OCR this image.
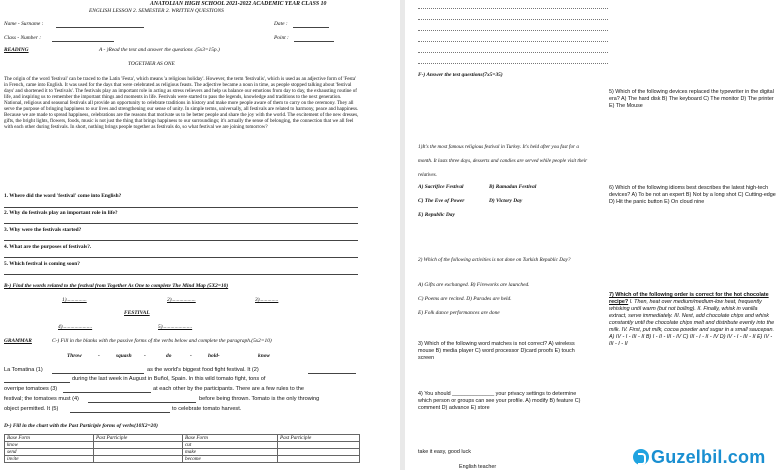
ANATOLIAN HIGH SCHOOL 2021-2022 ACADEMIC YEAR CLASS 10
ENGLISH LESSON 2. SEMESTER 2. WRITTEN QUESTIONS
Name - Surname :	Date :
Class - Number :	Point :
READING	A - )Read the text and answer the questions .(5x3=15p.)
TOGETHER AS ONE
The origin of the word 'festival' can be traced to the Latin 'Festa', which means 'a religious holiday'. However, the term 'festivalis', which is used as an adjective form of 'Festa' in French, came into English. It was used for the days that were celebrated as religious feasts. The adjective became a noun in time, as people stopped talking about 'festival days' and shortened it to 'festivals'. The festivals play an important role in acting as stress relievers and help us balance our emotions from day to day, the exhausting routine of life, and inspiring us to remember the important things and moments in life. Festivals were started to pass the legends, knowledge and traditions to the next generation. National, religious and seasonal festivals all provide an opportunity to celebrate traditions in history and make more people aware of them to carry on the ceremony. They all serve the purpose of bringing happiness to our lives and strengthening our sense of unity. In simple terms, universally, all festivals are related to harmony, peace and happiness. Because we are made to spread happiness, celebrations are the reasons that motivate us to be better people and share the joy with the world. The excitement of the new dresses, gifts, the bright lights, flowers, foods, music is not just the thing that brings happiness to our surroundings; it's actually the sense of belonging, the connection that we all feel with each other during festivals. In short, nothing brings people together as festivals do, so what festival we are joining tomorrow?
1. Where did the word 'festival' come into English?
2. Why do festivals play an important role in life?
3. Why were the festivals started?
4. What are the purposes of festivals?.
5. Which festival is coming soon?
B-) Find the words related to the festival from Together As One to complete The Mind Map (5X2=10)
1)...............	2)..................	3)..............
FESTIVAL
4)......................	5)......................
GRAMMAR	C-) Fill in the blanks with the passive forms of the verbs below and complete the paragraph.(5x2=10)
Throw	-	squash -	do	-	hold-	know
La Tomatina (1)	as the world's biggest food fight festival. It (2)
during the last week in August in Buñol, Spain. In this wild tomato fight, tons of
overripe tomatoes (3)	at each other by the participants. There are a few rules to the
festival; the tomatoes must (4)	before being thrown. Tomato is the only throwing
object permitted. It (5)	to celebrate tomato harvest.
D-) Fill in the chart with the Past Participle forms of verbs(10X2=20)
Base Form	Past Participle	Base Form	Past Participle
know		cut	
send		make	
invite		become	
F-) Answer the test questions(7x5=35)
1)It's the most famous religious festival in Turkey. It's held after you fast for a month. It lasts three days, desserts and candies are served while people visit their relatives.
A) Sacrifice Festival	B) Ramadan Festival
C) The Eve of Power	D) Victory Day
E) Republic Day
2) Which of the following activities is not done on Turkish Republic Day?
A) Gifts are exchanged. B) Fireworks are launched.
C) Poems are recited. D) Parades are held.
E) Folk dance performances are done
3) Which of the following word matches is not correct? A) wireless mouse B) media player C) word processor D)card proofs E) touch screen
4) You should ______________ your privacy settings to determine which person or groups can see your profile. A) modify B) feature C) comment D) advance E) store
take it easy, good luck
English teacher
5) Which of the following devices replaced the typewriter in the digital era? A) The hard disk B) The keyboard C) The monitor D) The printer E) The Mouse
6) Which of the following idioms best describes the latest high-tech devices? A) To be not an expert B) Not by a long shot C) Cutting-edge D) Hit the panic button E) On cloud nine
7) Which of the following order is correct for the hot chocolate recipe? I. Then, heat over medium/medium-low heat, frequently whisking until warm (but not boiling). II. Finally, whisk in vanilla extract, serve immediately. III. Next, add chocolate chips and whisk constantly until the chocolate chips melt and distribute evenly into the milk. IV. First, put milk, cocoa powder and sugar in a small saucepan. A) IV - I - III - II B) I - II - III - IV C) III - I - II - IV D) IV - I - III - II E) IV - III - I - II
Guzelbil.com
